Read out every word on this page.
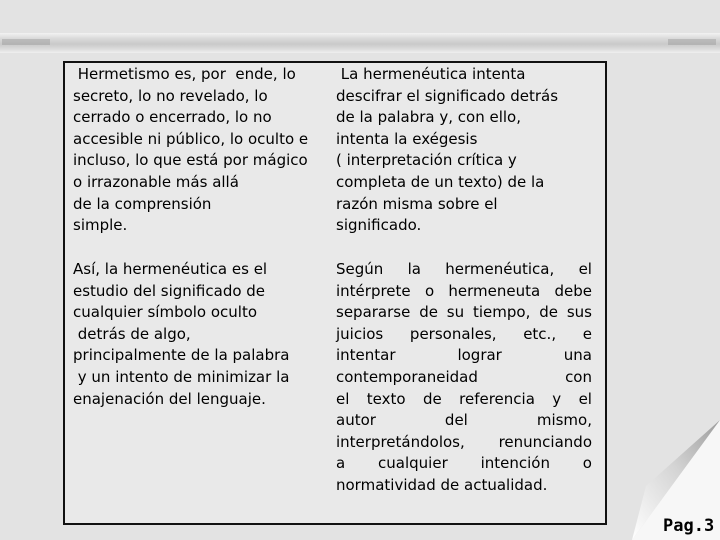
Hermetismo es, por  ende, lo
secreto, lo no revelado, lo
cerrado o encerrado, lo no
accesible ni público, lo oculto e
incluso, lo que está por mágico
o irrazonable más allá
de la comprensión
simple.
La hermenéutica intenta
descifrar el significado detrás
de la palabra y, con ello,
intenta la exégesis
( interpretación crítica y
completa de un texto) de la
razón misma sobre el
significado.
Así, la hermenéutica es el
estudio del significado de
cualquier símbolo oculto
detrás de algo,
principalmente de la palabra
y un intento de minimizar la
enajenación del lenguaje.
Según la hermenéutica, el
intérprete o hermeneuta debe
separarse de su tiempo, de sus
juicios personales, etc., e
intentar	lograr	una
contemporaneidad	con
el texto de referencia y el
autor	del	mismo,
interpretándolos, renunciando
a cualquier intención o
normatividad de actualidad.
Pag.3
